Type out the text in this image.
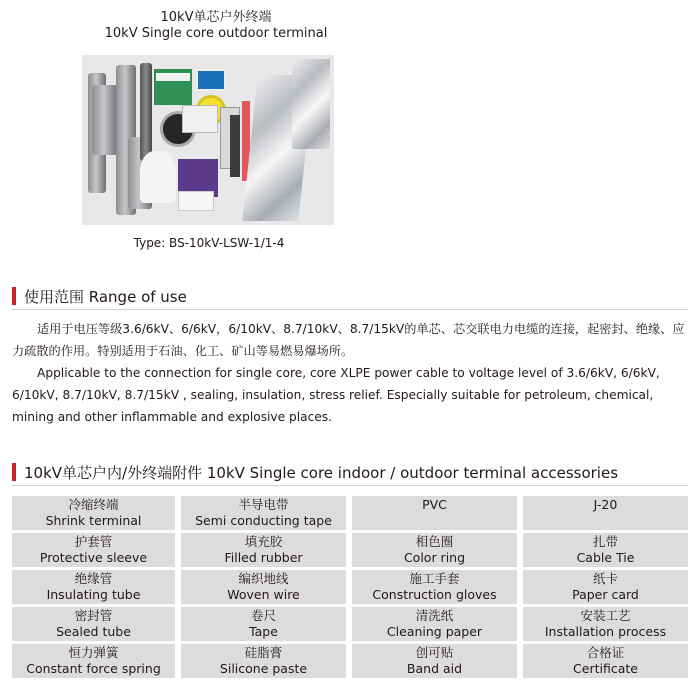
10kV单芯户外终端
10kV Single core outdoor terminal
Type: BS-10kV-LSW-1/1-4
使用范围 Range of use

适用于电压等级3.6/6kV、6/6kV，6/10kV、8.7/10kV、8.7/15kV的单芯、芯交联电力电缆的连接，起密封、绝缘、应力疏散的作用。特别适用于石油、化工、矿山等易燃易爆场所。

Applicable to the connection for single core, core XLPE power cable to voltage level of 3.6/6kV, 6/6kV, 6/10kV, 8.7/10kV, 8.7/15kV , sealing, insulation, stress relief. Especially suitable for petroleum, chemical, mining and other inflammable and explosive places.

10kV单芯户内/外终端附件 10kV Single core indoor / outdoor terminal accessories
冷缩终端
Shrink terminal
半导电带
Semi conducting tape
PVC	J-20
护套管
Protective sleeve
填充胶
Filled rubber
相色圈
Color ring
扎带
Cable Tie
绝缘管
Insulating tube
编织地线
Woven wire
施工手套
Construction gloves
纸卡
Paper card
密封管
Sealed tube
卷尺
Tape
清洗纸
Cleaning paper
安装工艺
Installation process
恒力弹簧
Constant force spring
硅脂膏
Silicone paste
创可贴
Band aid
合格证
Certificate
